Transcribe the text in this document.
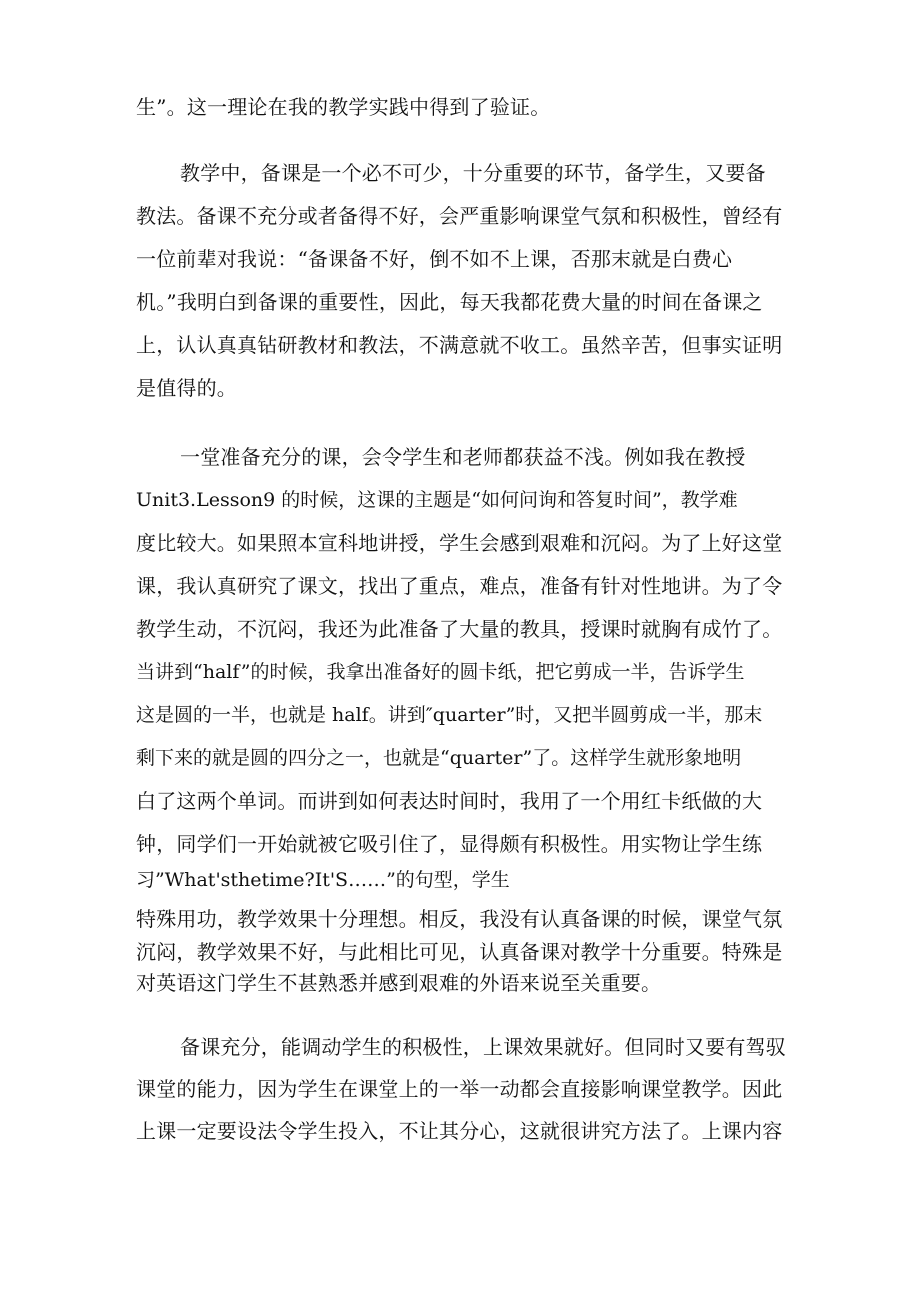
生”。这一理论在我的教学实践中得到了验证。
教学中，备课是一个必不可少，十分重要的环节，备学生，又要备
教法。备课不充分或者备得不好，会严重影响课堂气氛和积极性，曾经有
一位前辈对我说：“备课备不好，倒不如不上课，否那末就是白费心
机。”我明白到备课的重要性，因此，每天我都花费大量的时间在备课之
上，认认真真钻研教材和教法，不满意就不收工。虽然辛苦，但事实证明
是值得的。
一堂准备充分的课，会令学生和老师都获益不浅。例如我在教授
Unit3.Lesson9 的时候，这课的主题是“如何问询和答复时间”，教学难
度比较大。如果照本宣科地讲授，学生会感到艰难和沉闷。为了上好这堂
课，我认真研究了课文，找出了重点，难点，准备有针对性地讲。为了令
教学生动，不沉闷，我还为此准备了大量的教具，授课时就胸有成竹了。
当讲到“half”的时候，我拿出准备好的圆卡纸，把它剪成一半，告诉学生
这是圆的一半，也就是 half。讲到″quarter”时，又把半圆剪成一半，那末
剩下来的就是圆的四分之一，也就是“quarter”了。这样学生就形象地明
白了这两个单词。而讲到如何表达时间时，我用了一个用红卡纸做的大
钟，同学们一开始就被它吸引住了，显得颇有积极性。用实物让学生练
习”What'sthetime?It'S……”的句型，学生
特殊用功，教学效果十分理想。相反，我没有认真备课的时候，课堂气氛
沉闷，教学效果不好，与此相比可见，认真备课对教学十分重要。特殊是
对英语这门学生不甚熟悉并感到艰难的外语来说至关重要。
备课充分，能调动学生的积极性，上课效果就好。但同时又要有驾驭
课堂的能力，因为学生在课堂上的一举一动都会直接影响课堂教学。因此
上课一定要设法令学生投入，不让其分心，这就很讲究方法了。上课内容
